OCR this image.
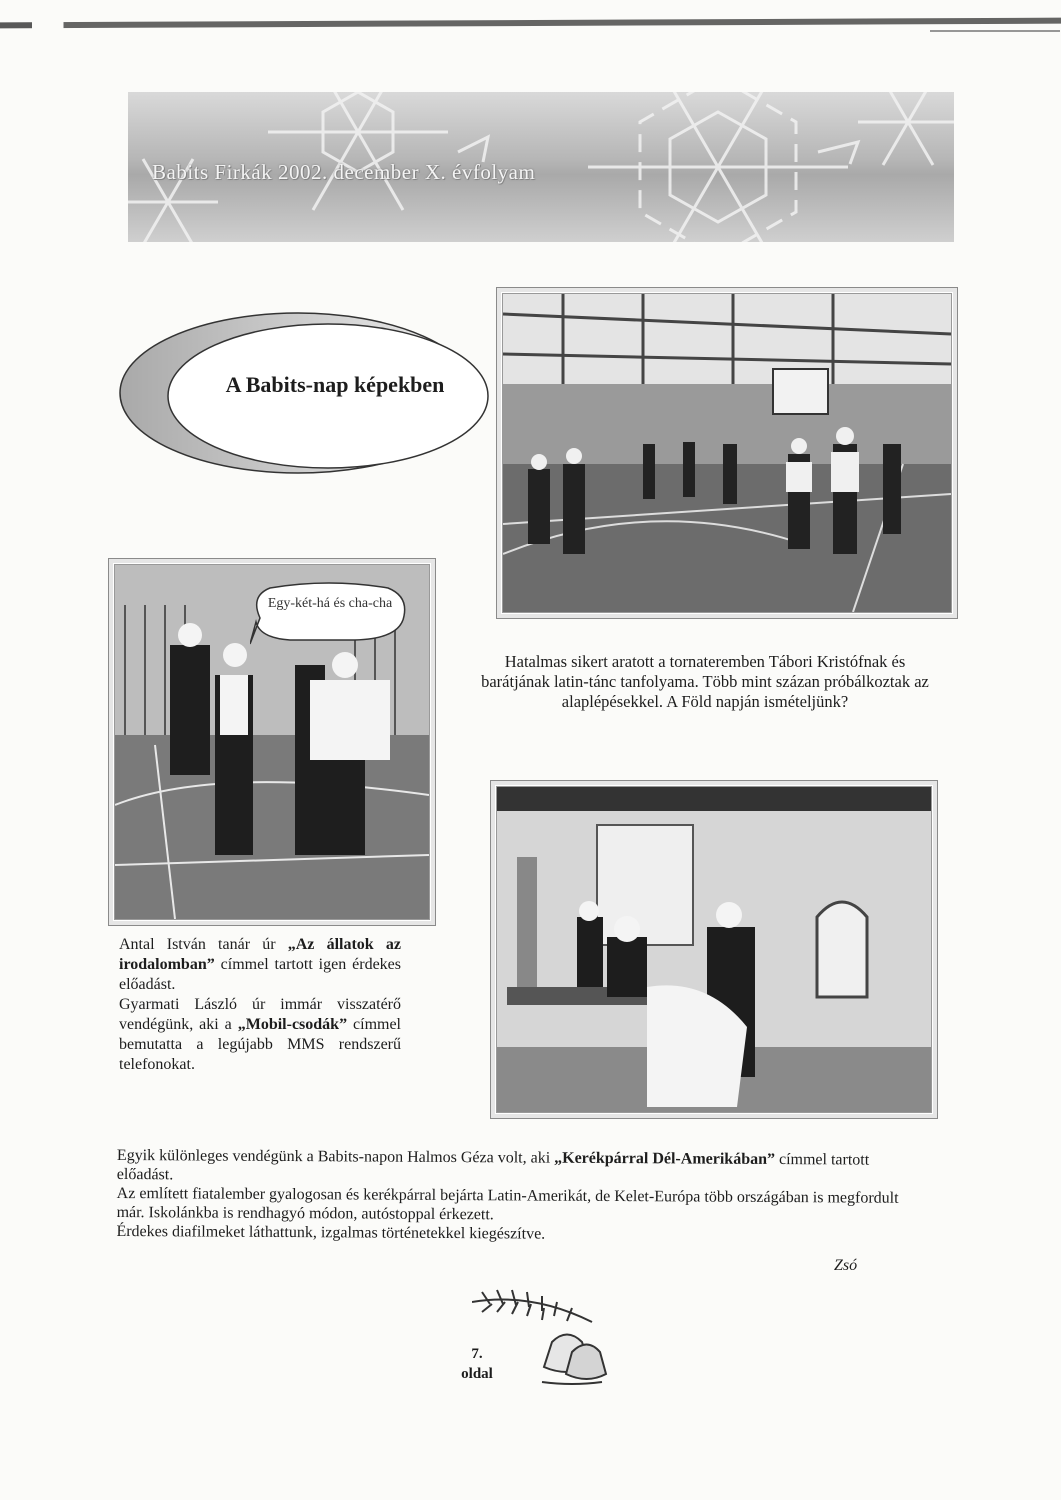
Babits Firkák 2002. december X. évfolyam
A Babits-nap képekben
Egy-két-há és cha-cha
Hatalmas sikert aratott a tornateremben Tábori Kristófnak és barátjának latin-tánc tanfolyama. Több mint százan próbálkoztak az alaplépésekkel. A Föld napján ismételjünk?

Antal István tanár úr „Az állatok az irodalomban” címmel tartott igen érdekes előadást.

Gyarmati László úr immár visszatérő vendégünk, aki a „Mobil-csodák” címmel bemutatta a legújabb MMS rendszerű telefonokat.

Egyik különleges vendégünk a Babits-napon Halmos Géza volt, aki „Kerékpárral Dél-Amerikában” címmel tartott előadást.

Az említett fiatalember gyalogosan és kerékpárral bejárta Latin-Amerikát, de Kelet-Európa több országában is megfordult már. Iskolánkba is rendhagyó módon, autóstoppal érkezett.

Érdekes diafilmeket láthattunk, izgalmas történetekkel kiegészítve.

Zsó
7.
oldal
